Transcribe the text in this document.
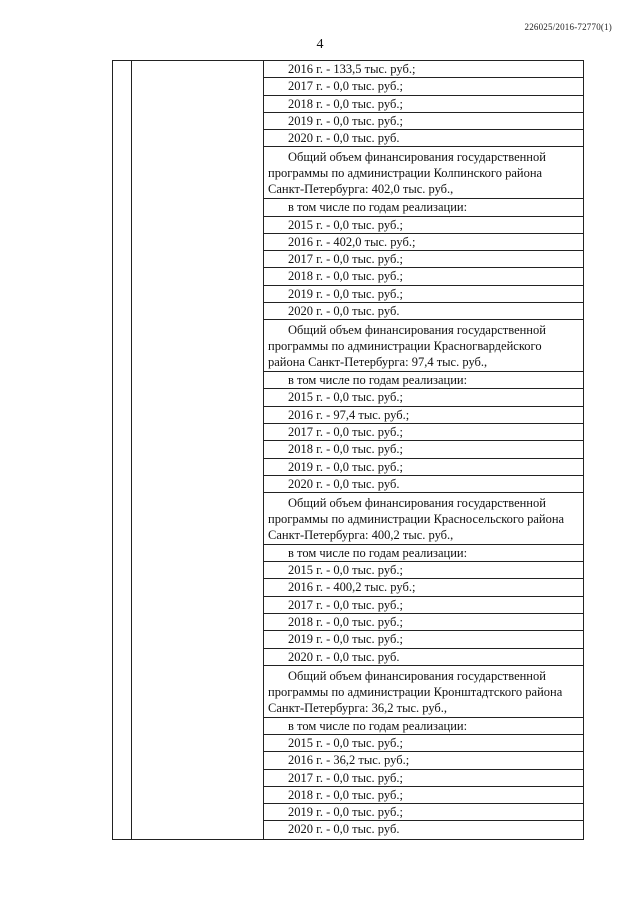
226025/2016-72770(1)
4
2016 г. - 133,5 тыс. руб.;
2017 г. - 0,0 тыс. руб.;
2018 г. - 0,0 тыс. руб.;
2019 г. - 0,0 тыс. руб.;
2020 г. - 0,0 тыс. руб.
Общий объем финансирования государственной программы по администрации Колпинского района Санкт-Петербурга: 402,0 тыс. руб.,
в том числе по годам реализации:
2015 г. - 0,0 тыс. руб.;
2016 г. - 402,0 тыс. руб.;
2017 г. - 0,0 тыс. руб.;
2018 г. - 0,0 тыс. руб.;
2019 г. - 0,0 тыс. руб.;
2020 г. - 0,0 тыс. руб.
Общий объем финансирования государственной программы по администрации Красногвардейского района Санкт-Петербурга: 97,4 тыс. руб.,
в том числе по годам реализации:
2015 г. - 0,0 тыс. руб.;
2016 г. - 97,4 тыс. руб.;
2017 г. - 0,0 тыс. руб.;
2018 г. - 0,0 тыс. руб.;
2019 г. - 0,0 тыс. руб.;
2020 г. - 0,0 тыс. руб.
Общий объем финансирования государственной программы по администрации Красносельского района Санкт-Петербурга: 400,2 тыс. руб.,
в том числе по годам реализации:
2015 г. - 0,0 тыс. руб.;
2016 г. - 400,2 тыс. руб.;
2017 г. - 0,0 тыс. руб.;
2018 г. - 0,0 тыс. руб.;
2019 г. - 0,0 тыс. руб.;
2020 г. - 0,0 тыс. руб.
Общий объем финансирования государственной программы по администрации Кронштадтского района Санкт-Петербурга: 36,2 тыс. руб.,
в том числе по годам реализации:
2015 г. - 0,0 тыс. руб.;
2016 г. - 36,2 тыс. руб.;
2017 г. - 0,0 тыс. руб.;
2018 г. - 0,0 тыс. руб.;
2019 г. - 0,0 тыс. руб.;
2020 г. - 0,0 тыс. руб.
